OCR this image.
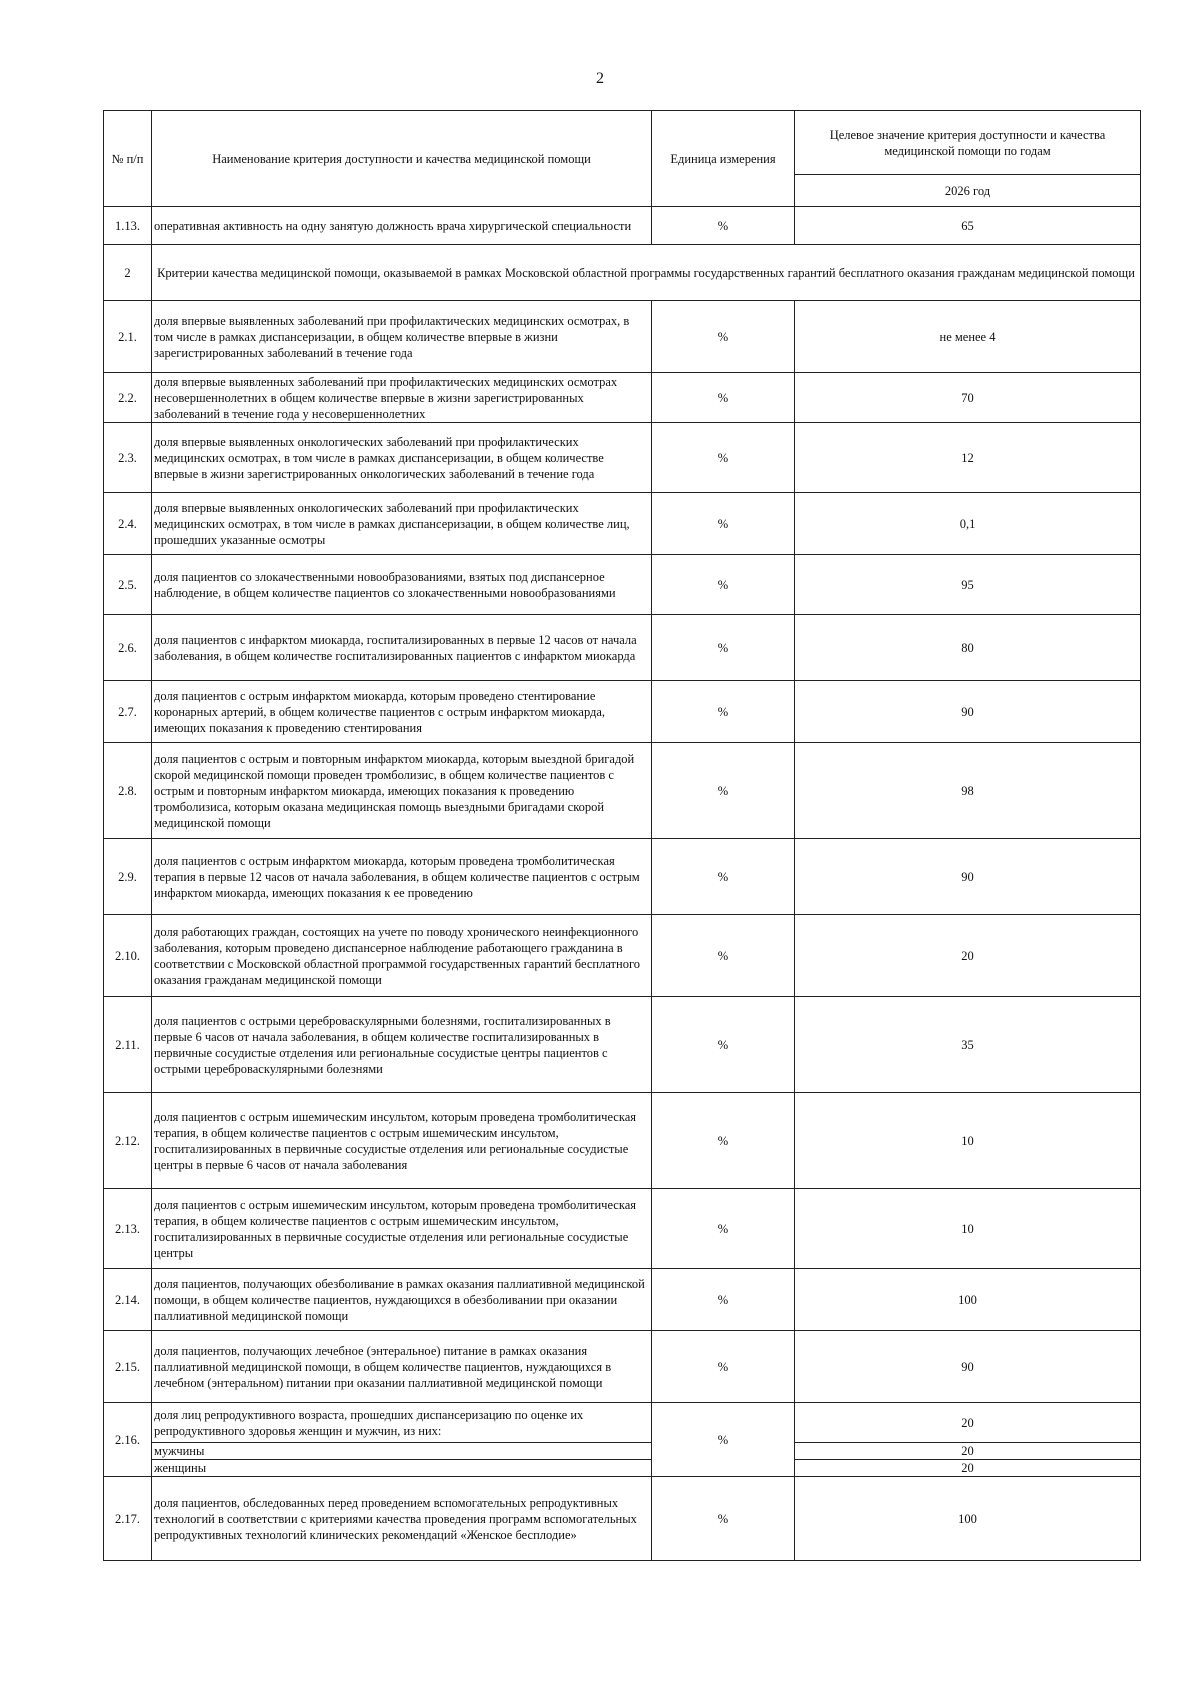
2
№ п/п	Наименование критерия доступности и качества медицинской помощи	Единица измерения	Целевое значение критерия доступности и качества медицинской помощи по годам
			2026 год
1.13.	оперативная активность на одну занятую должность врача хирургической специальности	%	65
2	Критерии качества медицинской помощи, оказываемой в рамках Московской областной программы государственных гарантий бесплатного оказания гражданам медицинской помощи		
2.1.	доля впервые выявленных заболеваний при профилактических медицинских осмотрах, в том числе в рамках диспансеризации, в общем количестве впервые в жизни зарегистрированных заболеваний в течение года	%	не менее 4
2.2.	доля впервые выявленных заболеваний при профилактических медицинских осмотрах несовершеннолетних в общем количестве впервые в жизни зарегистрированных заболеваний в течение года у несовершеннолетних	%	70
2.3.	доля впервые выявленных онкологических заболеваний при профилактических медицинских осмотрах, в том числе в рамках диспансеризации, в общем количестве впервые в жизни зарегистрированных онкологических заболеваний в течение года	%	12
2.4.	доля впервые выявленных онкологических заболеваний при профилактических медицинских осмотрах, в том числе в рамках диспансеризации, в общем количестве лиц, прошедших указанные осмотры	%	0,1
2.5.	доля пациентов со злокачественными новообразованиями, взятых под диспансерное наблюдение, в общем количестве пациентов со злокачественными новообразованиями	%	95
2.6.	доля пациентов с инфарктом миокарда, госпитализированных в первые 12 часов от начала заболевания, в общем количестве госпитализированных пациентов с инфарктом миокарда	%	80
2.7.	доля пациентов с острым инфарктом миокарда, которым проведено стентирование коронарных артерий, в общем количестве пациентов с острым инфарктом миокарда, имеющих показания к проведению стентирования	%	90
2.8.	доля пациентов с острым и повторным инфарктом миокарда, которым выездной бригадой скорой медицинской помощи проведен тромболизис, в общем количестве пациентов с острым и повторным инфарктом миокарда, имеющих показания к проведению тромболизиса, которым оказана медицинская помощь выездными бригадами скорой медицинской помощи	%	98
2.9.	доля пациентов с острым инфарктом миокарда, которым проведена тромболитическая терапия в первые 12 часов от начала заболевания, в общем количестве пациентов с острым инфарктом миокарда, имеющих показания к ее проведению	%	90
2.10.	доля работающих граждан, состоящих на учете по поводу хронического неинфекционного заболевания, которым проведено диспансерное наблюдение работающего гражданина в соответствии с Московской областной программой государственных гарантий бесплатного оказания гражданам медицинской помощи	%	20
2.11.	доля пациентов с острыми цереброваскулярными болезнями, госпитализированных в первые 6 часов от начала заболевания, в общем количестве госпитализированных в первичные сосудистые отделения или региональные сосудистые центры пациентов с острыми цереброваскулярными болезнями	%	35
2.12.	доля пациентов с острым ишемическим инсультом, которым проведена тромболитическая терапия, в общем количестве пациентов с острым ишемическим инсультом, госпитализированных в первичные сосудистые отделения или региональные сосудистые центры в первые 6 часов от начала заболевания	%	10
2.13.	доля пациентов с острым ишемическим инсультом, которым проведена тромболитическая терапия, в общем количестве пациентов с острым ишемическим инсультом, госпитализированных в первичные сосудистые отделения или региональные сосудистые центры	%	10
2.14.	доля пациентов, получающих обезболивание в рамках оказания паллиативной медицинской помощи, в общем количестве пациентов, нуждающихся в обезболивании при оказании паллиативной медицинской помощи	%	100
2.15.	доля пациентов, получающих лечебное (энтеральное) питание в рамках оказания паллиативной медицинской помощи, в общем количестве пациентов, нуждающихся в лечебном (энтеральном) питании при оказании паллиативной медицинской помощи	%	90
2.16.	доля лиц репродуктивного возраста, прошедших диспансеризацию по оценке их репродуктивного здоровья женщин и мужчин, из них:	%	20
	мужчины		20
	женщины		20
2.17.	доля пациентов, обследованных перед проведением вспомогательных репродуктивных технологий в соответствии с критериями качества проведения программ вспомогательных репродуктивных технологий клинических рекомендаций «Женское бесплодие»	%	100
